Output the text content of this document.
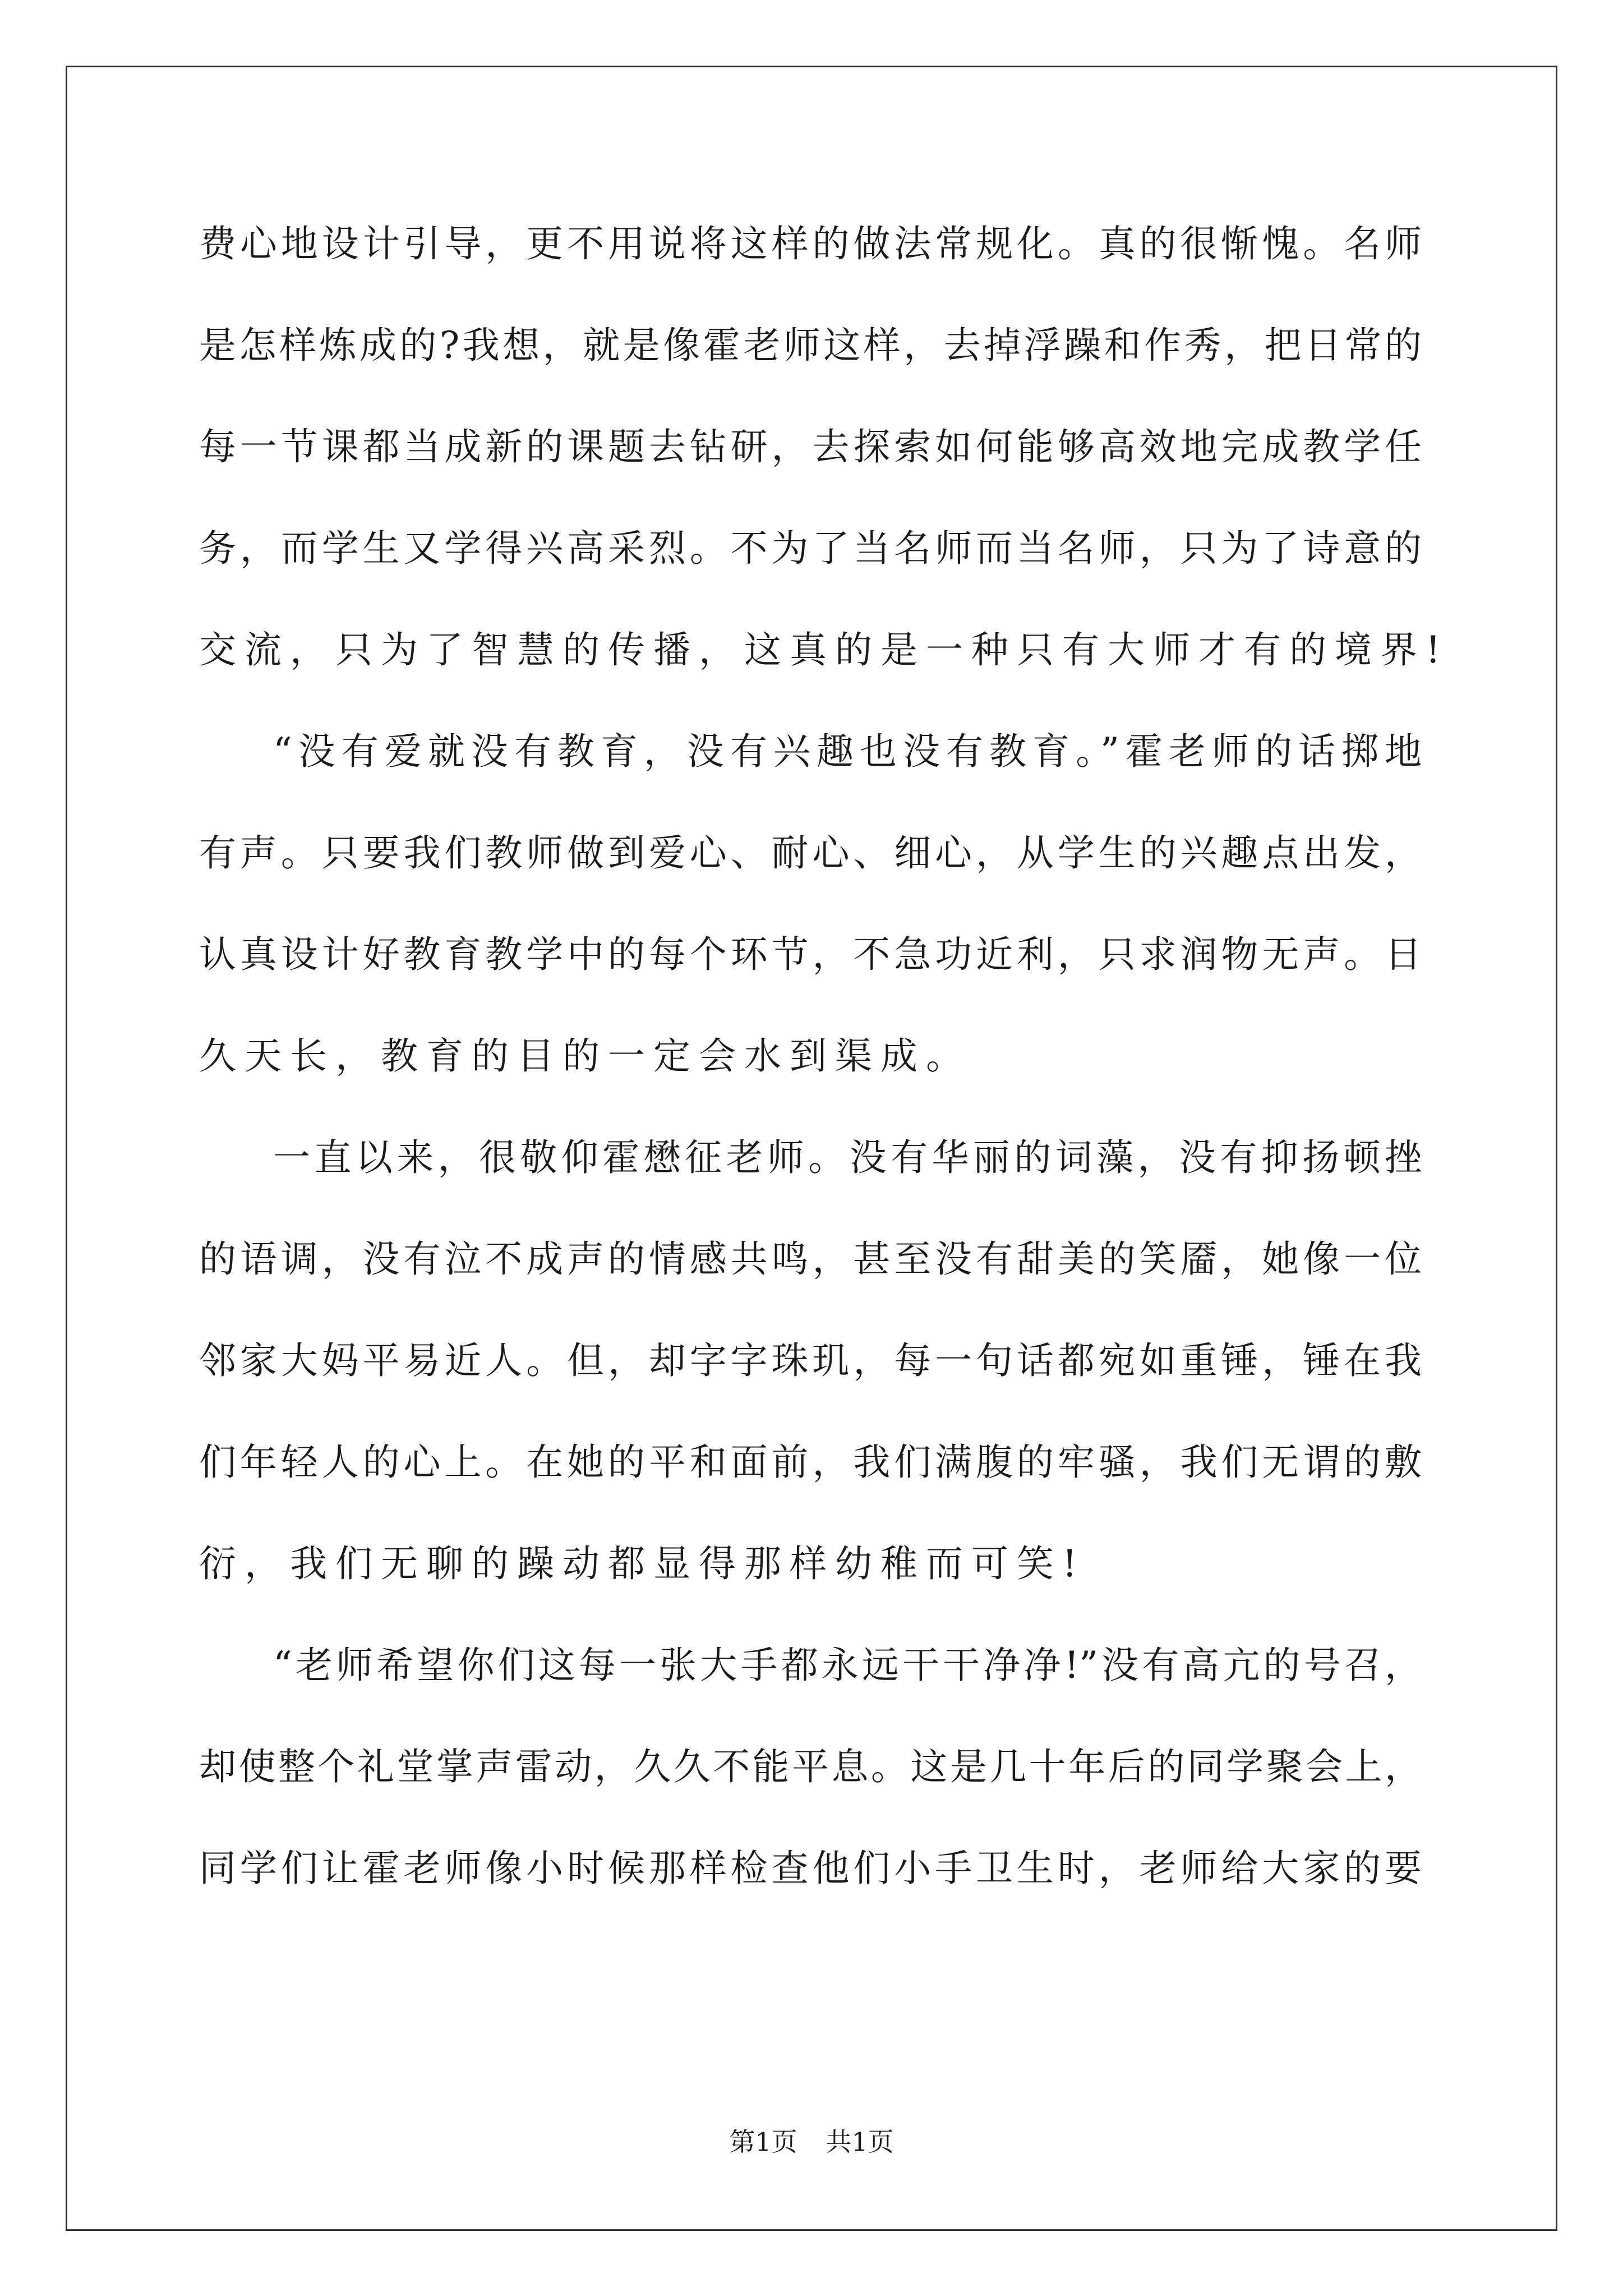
费心地设计引导，更不用说将这样的做法常规化。真的很惭愧。名师
是怎样炼成的?我想，就是像霍老师这样，去掉浮躁和作秀，把日常的
每一节课都当成新的课题去钻研，去探索如何能够高效地完成教学任
务，而学生又学得兴高采烈。不为了当名师而当名师，只为了诗意的
交流，只为了智慧的传播，这真的是一种只有大师才有的境界!
“没有爱就没有教育，没有兴趣也没有教育。”霍老师的话掷地
有声。只要我们教师做到爱心、耐心、细心，从学生的兴趣点出发，
认真设计好教育教学中的每个环节，不急功近利，只求润物无声。日
久天长，教育的目的一定会水到渠成。
一直以来，很敬仰霍懋征老师。没有华丽的词藻，没有抑扬顿挫
的语调，没有泣不成声的情感共鸣，甚至没有甜美的笑靥，她像一位
邻家大妈平易近人。但，却字字珠玑，每一句话都宛如重锤，锤在我
们年轻人的心上。在她的平和面前，我们满腹的牢骚，我们无谓的敷
衍，我们无聊的躁动都显得那样幼稚而可笑!
“老师希望你们这每一张大手都永远干干净净!”没有高亢的号召，
却使整个礼堂掌声雷动，久久不能平息。这是几十年后的同学聚会上，
同学们让霍老师像小时候那样检查他们小手卫生时，老师给大家的要
第1页 共1页
